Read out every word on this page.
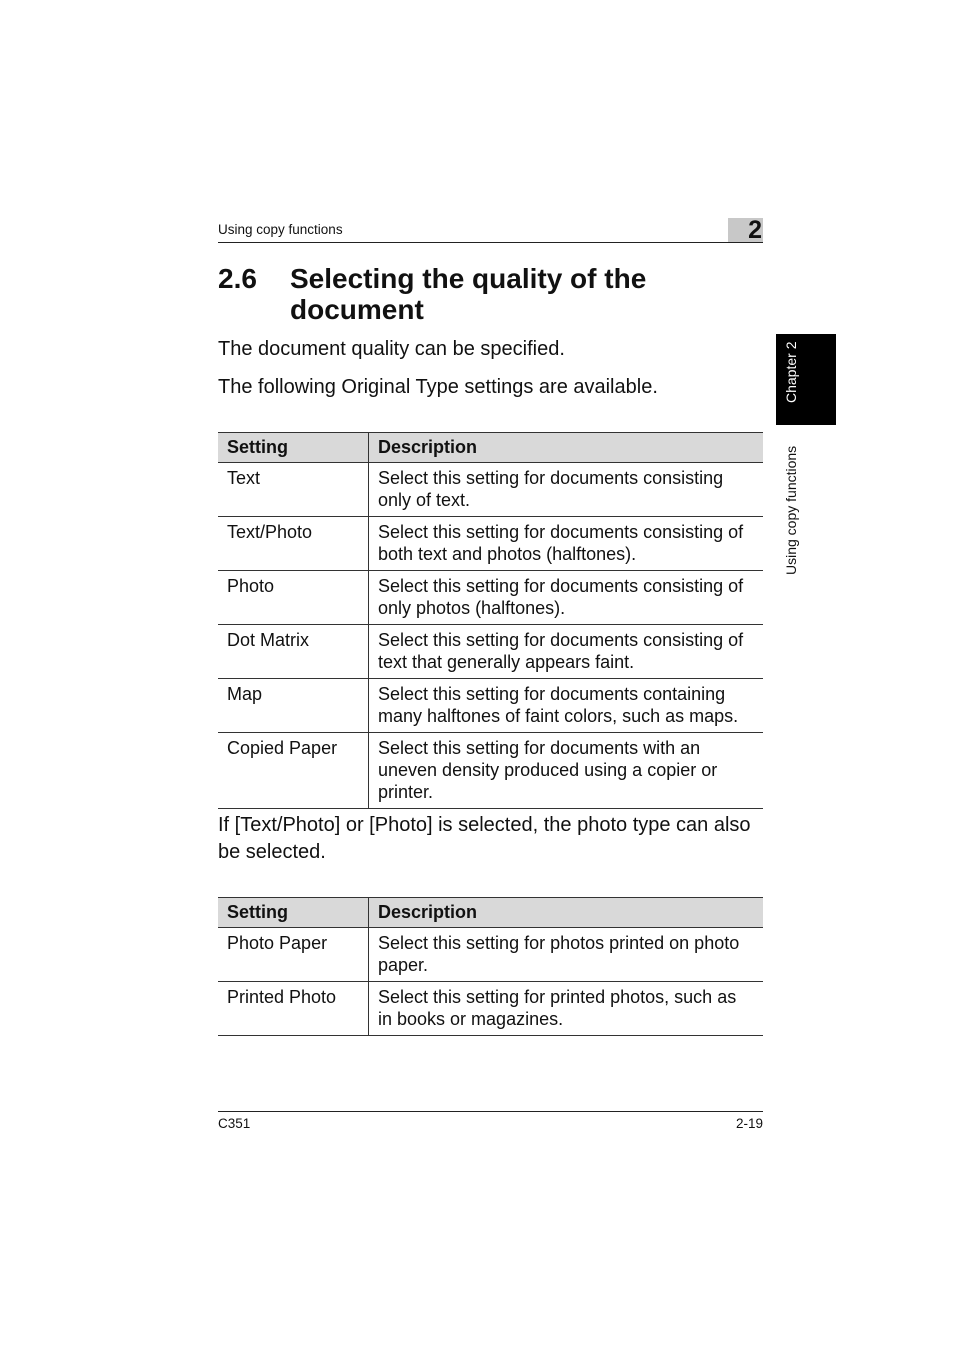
Using copy functions	2
Chapter 2
Using copy functions
2.6 Selecting the quality of the document
The document quality can be specified.
The following Original Type settings are available.
Setting	Description
Text	Select this setting for documents consisting only of text.
Text/Photo	Select this setting for documents consisting of both text and photos (halftones).
Photo	Select this setting for documents consisting of only photos (halftones).
Dot Matrix	Select this setting for documents consisting of text that generally appears faint.
Map	Select this setting for documents containing many halftones of faint colors, such as maps.
Copied Paper	Select this setting for documents with an uneven density produced using a copier or printer.
If [Text/Photo] or [Photo] is selected, the photo type can also be selected.
Setting	Description
Photo Paper	Select this setting for photos printed on photo paper.
Printed Photo	Select this setting for printed photos, such as in books or magazines.
C351	2-19
